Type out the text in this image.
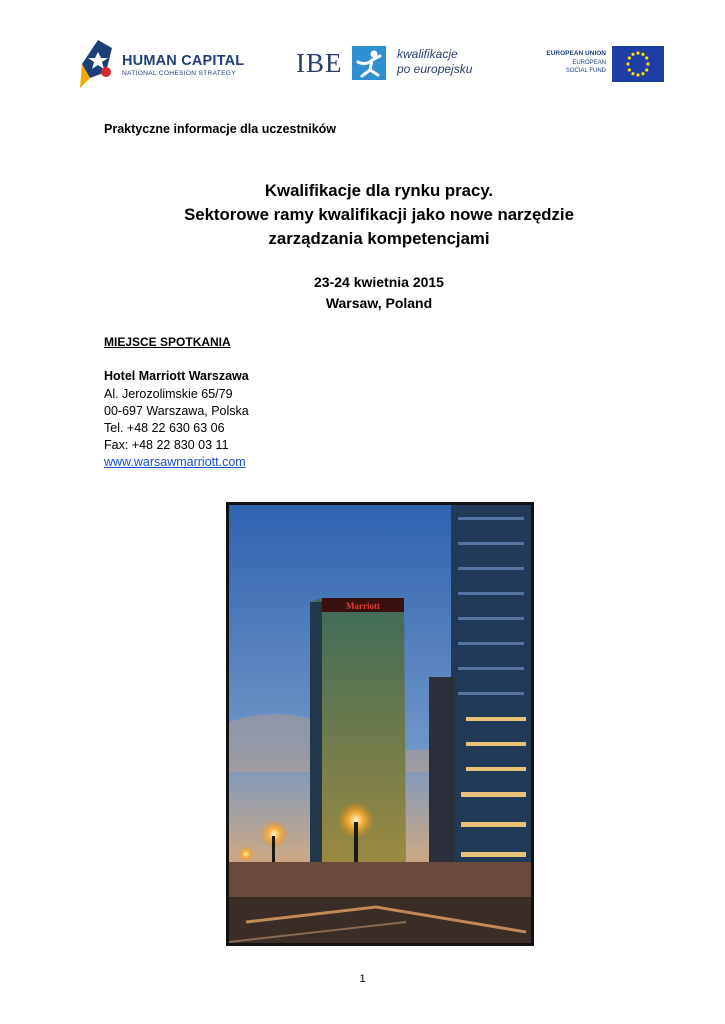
HUMAN CAPITAL
NATIONAL COHESION STRATEGY IBE	kwalifikacje
po europejsku
EUROPEAN UNION
EUROPEAN
SOCIAL FUND
Praktyczne informacje dla uczestników
Kwalifikacje dla rynku pracy.
Sektorowe ramy kwalifikacji jako nowe narzędzie
zarządzania kompetencjami
23-24 kwietnia 2015
Warsaw, Poland
MIEJSCE SPOTKANIA
Hotel Marriott Warszawa
Al. Jerozolimskie 65/79
00-697 Warszawa, Polska
Tel. +48 22 630 63 06
Fax: +48 22 830 03 11
www.warsawmarriott.com
Marriott
1
